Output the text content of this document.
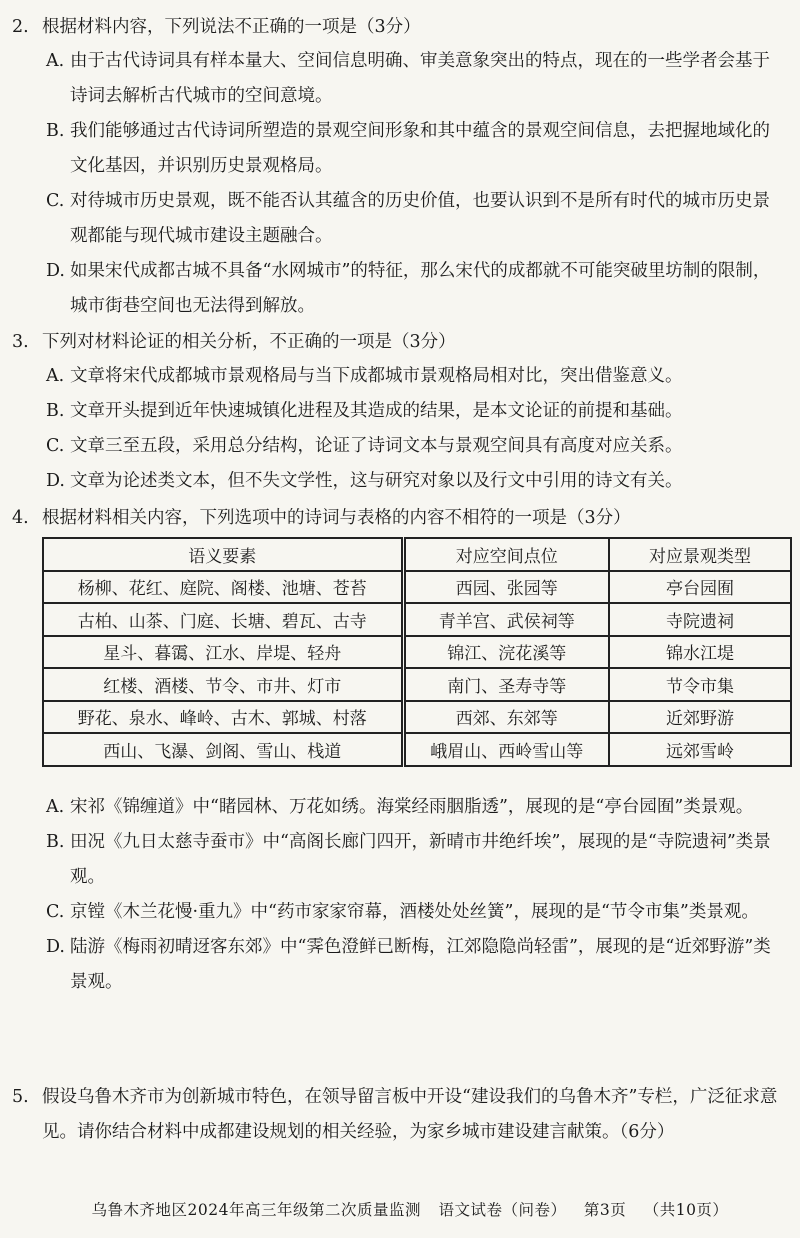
2. 根据材料内容，下列说法不正确的一项是（3分）
A. 由于古代诗词具有样本量大、空间信息明确、审美意象突出的特点，现在的一些学者会基于诗词去解析古代城市的空间意境。
B. 我们能够通过古代诗词所塑造的景观空间形象和其中蕴含的景观空间信息，去把握地域化的文化基因，并识别历史景观格局。
C. 对待城市历史景观，既不能否认其蕴含的历史价值，也要认识到不是所有时代的城市历史景观都能与现代城市建设主题融合。
D. 如果宋代成都古城不具备“水网城市”的特征，那么宋代的成都就不可能突破里坊制的限制，城市街巷空间也无法得到解放。
3. 下列对材料论证的相关分析，不正确的一项是（3分）
A. 文章将宋代成都城市景观格局与当下成都城市景观格局相对比，突出借鉴意义。
B. 文章开头提到近年快速城镇化进程及其造成的结果，是本文论证的前提和基础。
C. 文章三至五段，采用总分结构，论证了诗词文本与景观空间具有高度对应关系。
D. 文章为论述类文本，但不失文学性，这与研究对象以及行文中引用的诗文有关。
4. 根据材料相关内容，下列选项中的诗词与表格的内容不相符的一项是（3分）
语义要素	对应空间点位	对应景观类型
杨柳、花红、庭院、阁楼、池塘、苍苔	西园、张园等	亭台园囿
古柏、山茶、门庭、长塘、碧瓦、古寺	青羊宫、武侯祠等	寺院遗祠
星斗、暮霭、江水、岸堤、轻舟	锦江、浣花溪等	锦水江堤
红楼、酒楼、节令、市井、灯市	南门、圣寿寺等	节令市集
野花、泉水、峰岭、古木、郭城、村落	西郊、东郊等	近郊野游
西山、飞瀑、剑阁、雪山、栈道	峨眉山、西岭雪山等	远郊雪岭
A. 宋祁《锦缠道》中“睹园林、万花如绣。海棠经雨胭脂透”，展现的是“亭台园囿”类景观。
B. 田况《九日太慈寺蚕市》中“高阁长廊门四开，新晴市井绝纤埃”，展现的是“寺院遗祠”类景观。
C. 京镗《木兰花慢·重九》中“药市家家帘幕，酒楼处处丝簧”，展现的是“节令市集”类景观。
D. 陆游《梅雨初晴迓客东郊》中“霁色澄鲜已断梅，江郊隐隐尚轻雷”，展现的是“近郊野游”类景观。
5. 假设乌鲁木齐市为创新城市特色，在领导留言板中开设“建设我们的乌鲁木齐”专栏，广泛征求意见。请你结合材料中成都建设规划的相关经验，为家乡城市建设建言献策。（6分）
乌鲁木齐地区2024年高三年级第二次质量监测 语文试卷（问卷） 第3页 （共10页）
